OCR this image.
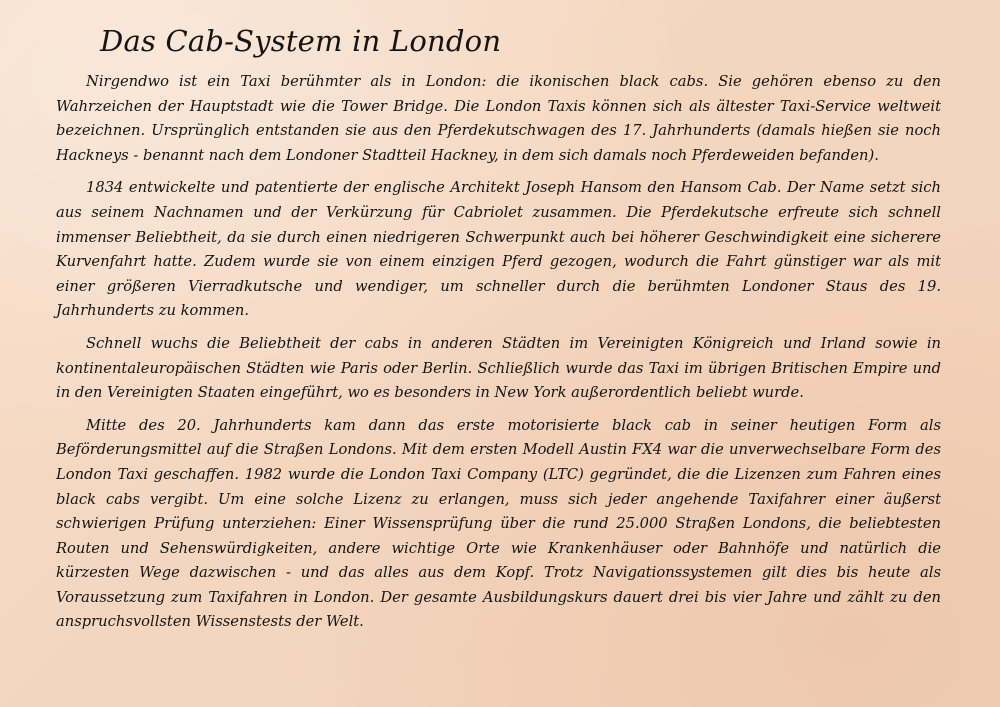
Das Cab-System in London

Nirgendwo ist ein Taxi berühmter als in London: die ikonischen black cabs. Sie gehören ebenso zu den Wahrzeichen der Hauptstadt wie die Tower Bridge. Die London Taxis können sich als ältester Taxi-Service weltweit bezeichnen. Ursprünglich entstanden sie aus den Pferdekutschwagen des 17. Jahrhunderts (damals hießen sie noch Hackneys - benannt nach dem Londoner Stadtteil Hackney, in dem sich damals noch Pferdeweiden befanden).

1834 entwickelte und patentierte der englische Architekt Joseph Hansom den Hansom Cab. Der Name setzt sich aus seinem Nachnamen und der Verkürzung für Cabriolet zusammen. Die Pferdekutsche erfreute sich schnell immenser Beliebtheit, da sie durch einen niedrigeren Schwerpunkt auch bei höherer Geschwindigkeit eine sicherere Kurvenfahrt hatte. Zudem wurde sie von einem einzigen Pferd gezogen, wodurch die Fahrt günstiger war als mit einer größeren Vierradkutsche und wendiger, um schneller durch die berühmten Londoner Staus des 19. Jahrhunderts zu kommen.

Schnell wuchs die Beliebtheit der cabs in anderen Städten im Vereinigten Königreich und Irland sowie in kontinentaleuropäischen Städten wie Paris oder Berlin. Schließlich wurde das Taxi im übrigen Britischen Empire und in den Vereinigten Staaten eingeführt, wo es besonders in New York außerordentlich beliebt wurde.

Mitte des 20. Jahrhunderts kam dann das erste motorisierte black cab in seiner heutigen Form als Beförderungsmittel auf die Straßen Londons. Mit dem ersten Modell Austin FX4 war die unverwechselbare Form des London Taxi geschaffen. 1982 wurde die London Taxi Company (LTC) gegründet, die die Lizenzen zum Fahren eines black cabs vergibt. Um eine solche Lizenz zu erlangen, muss sich jeder angehende Taxifahrer einer äußerst schwierigen Prüfung unterziehen: Einer Wissensprüfung über die rund 25.000 Straßen Londons, die beliebtesten Routen und Sehenswürdigkeiten, andere wichtige Orte wie Krankenhäuser oder Bahnhöfe und natürlich die kürzesten Wege dazwischen - und das alles aus dem Kopf. Trotz Navigationssystemen gilt dies bis heute als Voraussetzung zum Taxifahren in London. Der gesamte Ausbildungskurs dauert drei bis vier Jahre und zählt zu den anspruchsvollsten Wissenstests der Welt.
